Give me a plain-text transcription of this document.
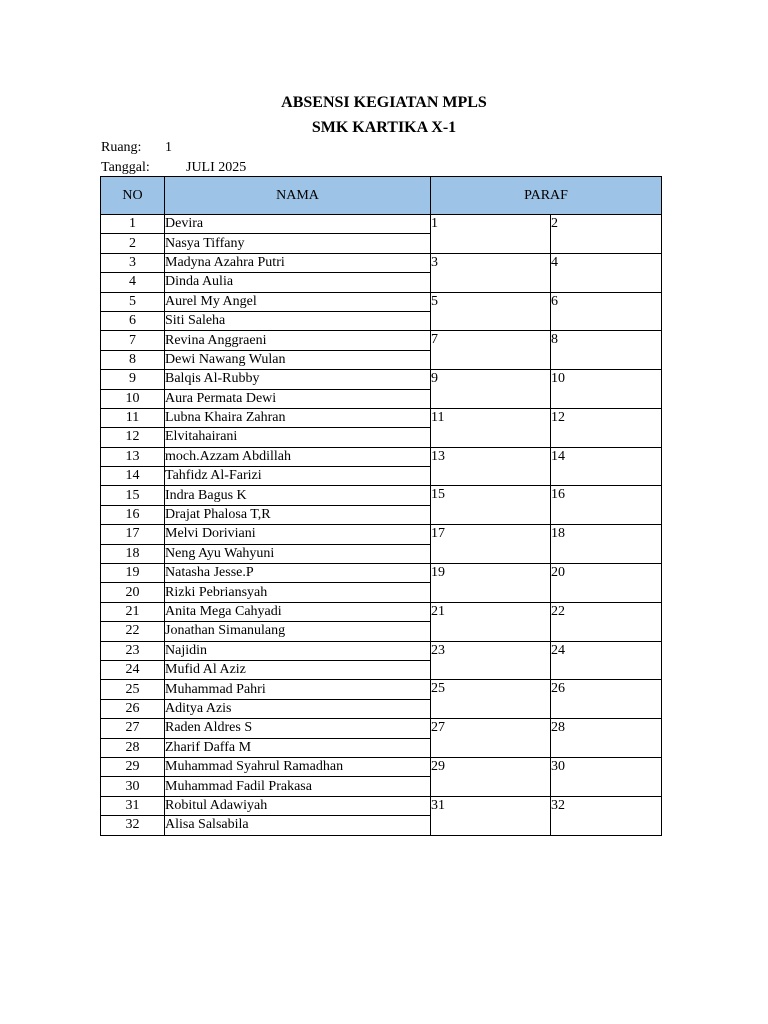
ABSENSI KEGIATAN MPLS
SMK KARTIKA X-1
Ruang: 1
Tanggal:	JULI 2025
NO	NAMA	PARAF	
1	Devira	1	2
2	Nasya Tiffany		
3	Madyna Azahra Putri	3	4
4	Dinda Aulia		
5	Aurel My Angel	5	6
6	Siti Saleha		
7	Revina Anggraeni	7	8
8	Dewi Nawang Wulan		
9	Balqis Al-Rubby	9	10
10	Aura Permata Dewi		
11	Lubna Khaira Zahran	11	12
12	Elvitahairani		
13	moch.Azzam Abdillah	13	14
14	Tahfidz Al-Farizi		
15	Indra Bagus K	15	16
16	Drajat Phalosa T,R		
17	Melvi Doriviani	17	18
18	Neng Ayu Wahyuni		
19	Natasha Jesse.P	19	20
20	Rizki Pebriansyah		
21	Anita Mega Cahyadi	21	22
22	Jonathan Simanulang		
23	Najidin	23	24
24	Mufid Al Aziz		
25	Muhammad Pahri	25	26
26	Aditya Azis		
27	Raden Aldres S	27	28
28	Zharif Daffa M		
29	Muhammad Syahrul Ramadhan	29	30
30	Muhammad Fadil Prakasa		
31	Robitul Adawiyah	31	32
32	Alisa Salsabila		
